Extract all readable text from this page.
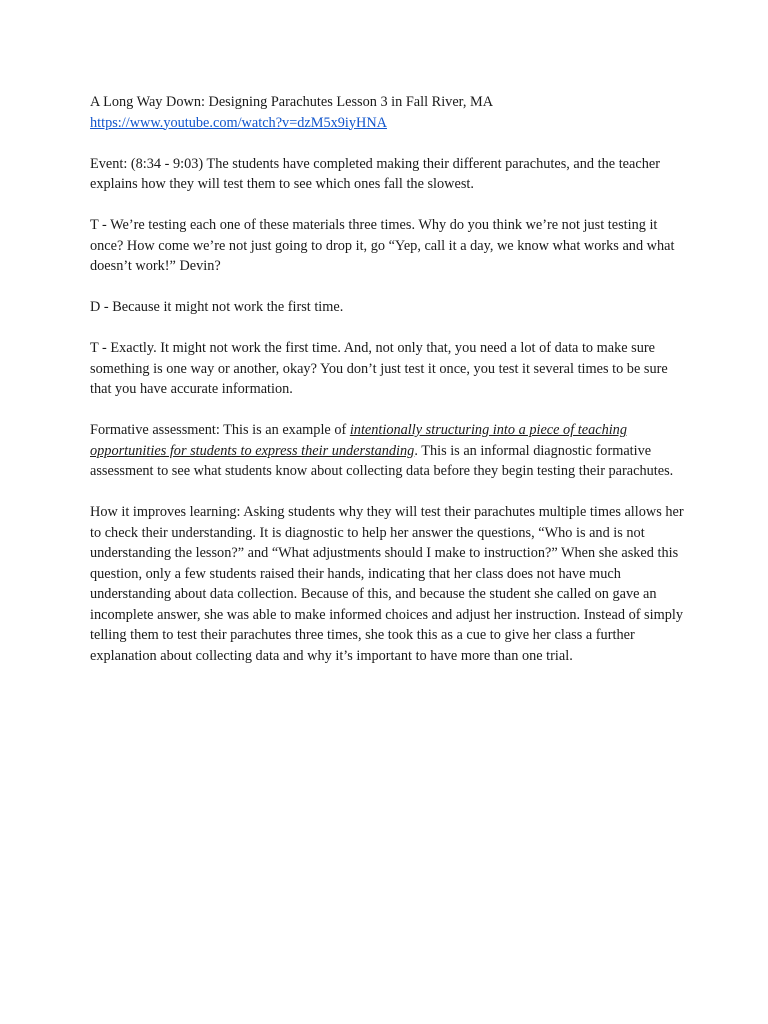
A Long Way Down: Designing Parachutes Lesson 3 in Fall River, MA
https://www.youtube.com/watch?v=dzM5x9iyHNA

Event: (8:34 - 9:03) The students have completed making their different parachutes, and the teacher explains how they will test them to see which ones fall the slowest.

T - We’re testing each one of these materials three times. Why do you think we’re not just testing it once? How come we’re not just going to drop it, go “Yep, call it a day, we know what works and what doesn’t work!” Devin?

D - Because it might not work the first time.

T - Exactly. It might not work the first time. And, not only that, you need a lot of data to make sure something is one way or another, okay? You don’t just test it once, you test it several times to be sure that you have accurate information.

Formative assessment: This is an example of intentionally structuring into a piece of teaching opportunities for students to express their understanding. This is an informal diagnostic formative assessment to see what students know about collecting data before they begin testing their parachutes.

How it improves learning: Asking students why they will test their parachutes multiple times allows her to check their understanding. It is diagnostic to help her answer the questions, “Who is and is not understanding the lesson?” and “What adjustments should I make to instruction?” When she asked this question, only a few students raised their hands, indicating that her class does not have much understanding about data collection. Because of this, and because the student she called on gave an incomplete answer, she was able to make informed choices and adjust her instruction. Instead of simply telling them to test their parachutes three times, she took this as a cue to give her class a further explanation about collecting data and why it’s important to have more than one trial.
